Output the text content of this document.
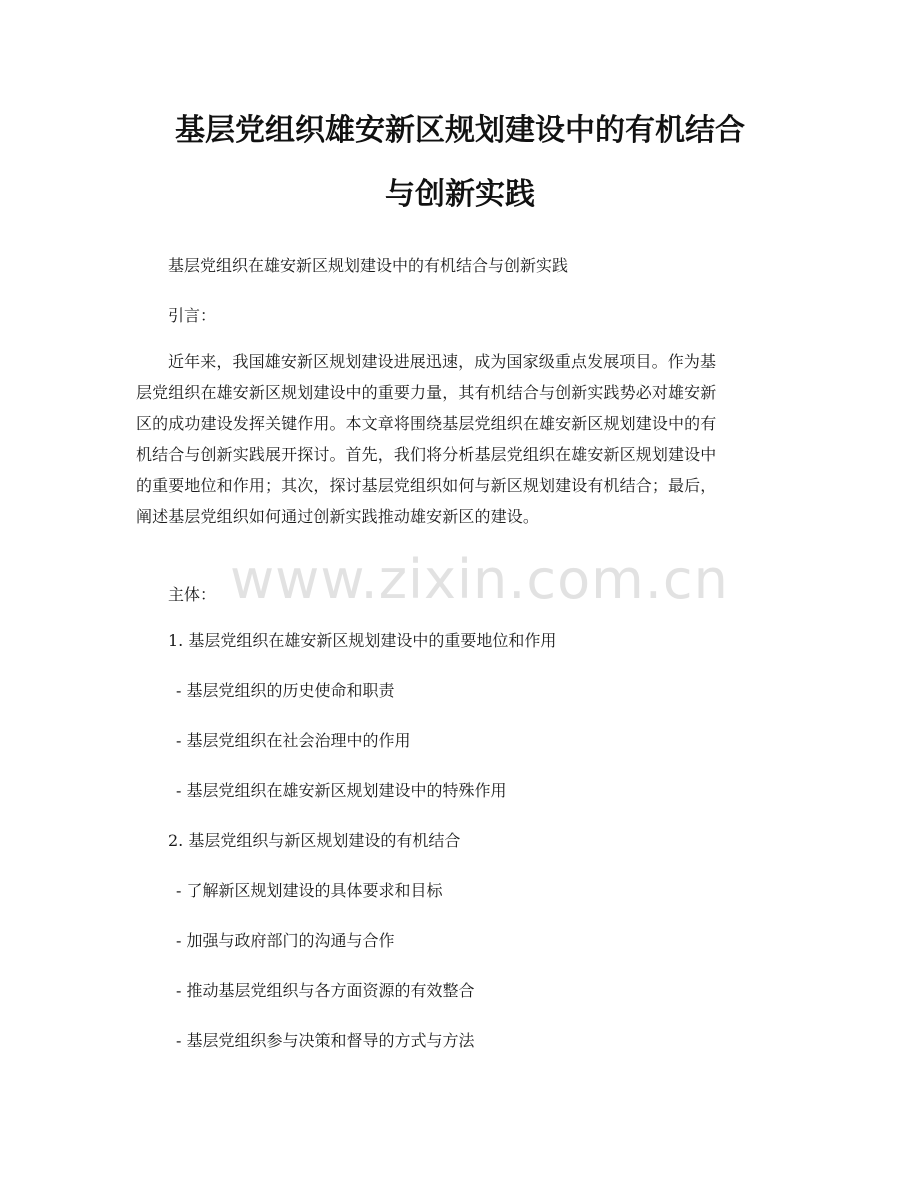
基层党组织雄安新区规划建设中的有机结合
与创新实践

基层党组织在雄安新区规划建设中的有机结合与创新实践

引言：

近年来，我国雄安新区规划建设进展迅速，成为国家级重点发展项目。作为基
层党组织在雄安新区规划建设中的重要力量，其有机结合与创新实践势必对雄安新
区的成功建设发挥关键作用。本文章将围绕基层党组织在雄安新区规划建设中的有
机结合与创新实践展开探讨。首先，我们将分析基层党组织在雄安新区规划建设中
的重要地位和作用；其次，探讨基层党组织如何与新区规划建设有机结合；最后，
阐述基层党组织如何通过创新实践推动雄安新区的建设。
www.zixin.com.cn

主体：

1. 基层党组织在雄安新区规划建设中的重要地位和作用

- 基层党组织的历史使命和职责

- 基层党组织在社会治理中的作用

- 基层党组织在雄安新区规划建设中的特殊作用

2. 基层党组织与新区规划建设的有机结合

- 了解新区规划建设的具体要求和目标

- 加强与政府部门的沟通与合作

- 推动基层党组织与各方面资源的有效整合

- 基层党组织参与决策和督导的方式与方法
